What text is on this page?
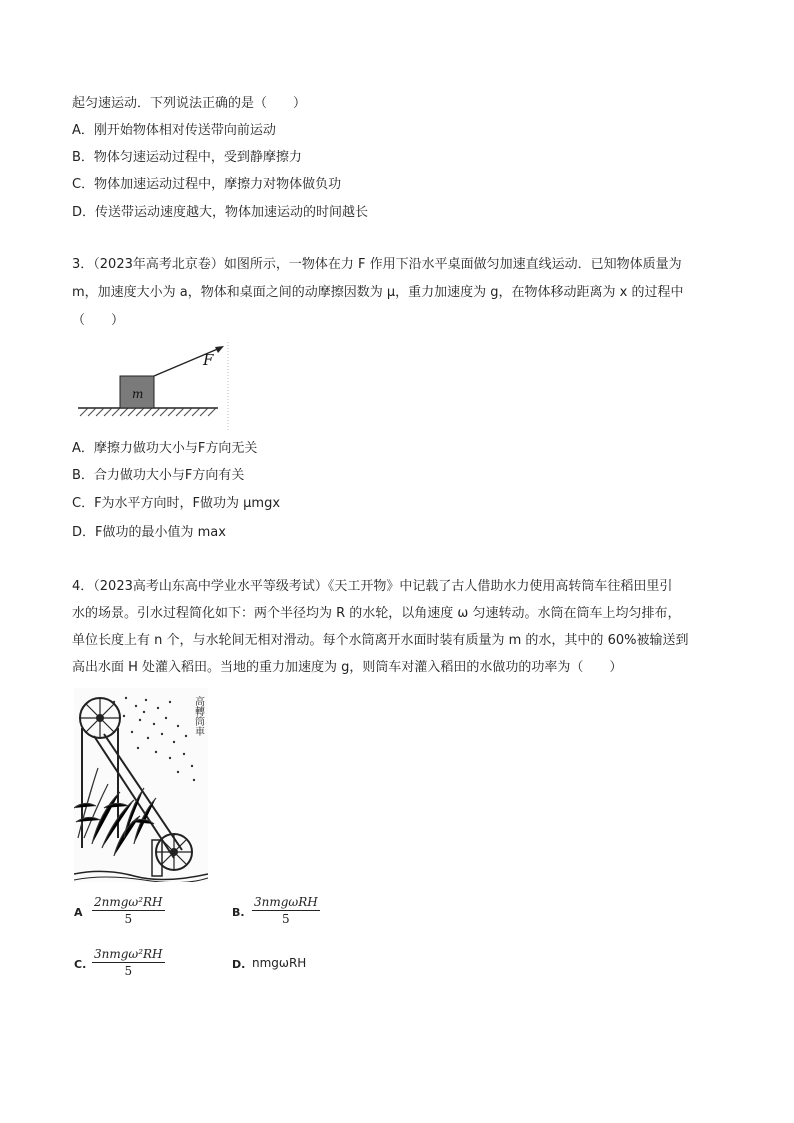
起匀速运动．下列说法正确的是（　　）
A．刚开始物体相对传送带向前运动
B．物体匀速运动过程中，受到静摩擦力
C．物体加速运动过程中，摩擦力对物体做负功
D．传送带运动速度越大，物体加速运动的时间越长
3．（2023年高考北京卷）如图所示，一物体在力 F 作用下沿水平桌面做匀加速直线运动．已知物体质量为
m，加速度大小为 a，物体和桌面之间的动摩擦因数为 μ，重力加速度为 g，在物体移动距离为 x 的过程中
（　　）
m
F
A．摩擦力做功大小与F方向无关
B．合力做功大小与F方向有关
C．F为水平方向时，F做功为 μmgx
D．F做功的最小值为 max
4．（2023高考山东高中学业水平等级考试）《天工开物》中记载了古人借助水力使用高转筒车往稻田里引
水的场景。引水过程简化如下：两个半径均为 R 的水轮，以角速度 ω 匀速转动。水筒在筒车上均匀排布，
单位长度上有 n 个，与水轮间无相对滑动。每个水筒离开水面时装有质量为 m 的水，其中的 60%被输送到
高出水面 H 处灌入稻田。当地的重力加速度为 g，则筒车对灌入稻田的水做功的功率为（　　）
高轉筒車
A
2nmgω²RH
5	B.
3nmgωRH
5
C.
3nmgω²RH
5	D. nmgωRH
